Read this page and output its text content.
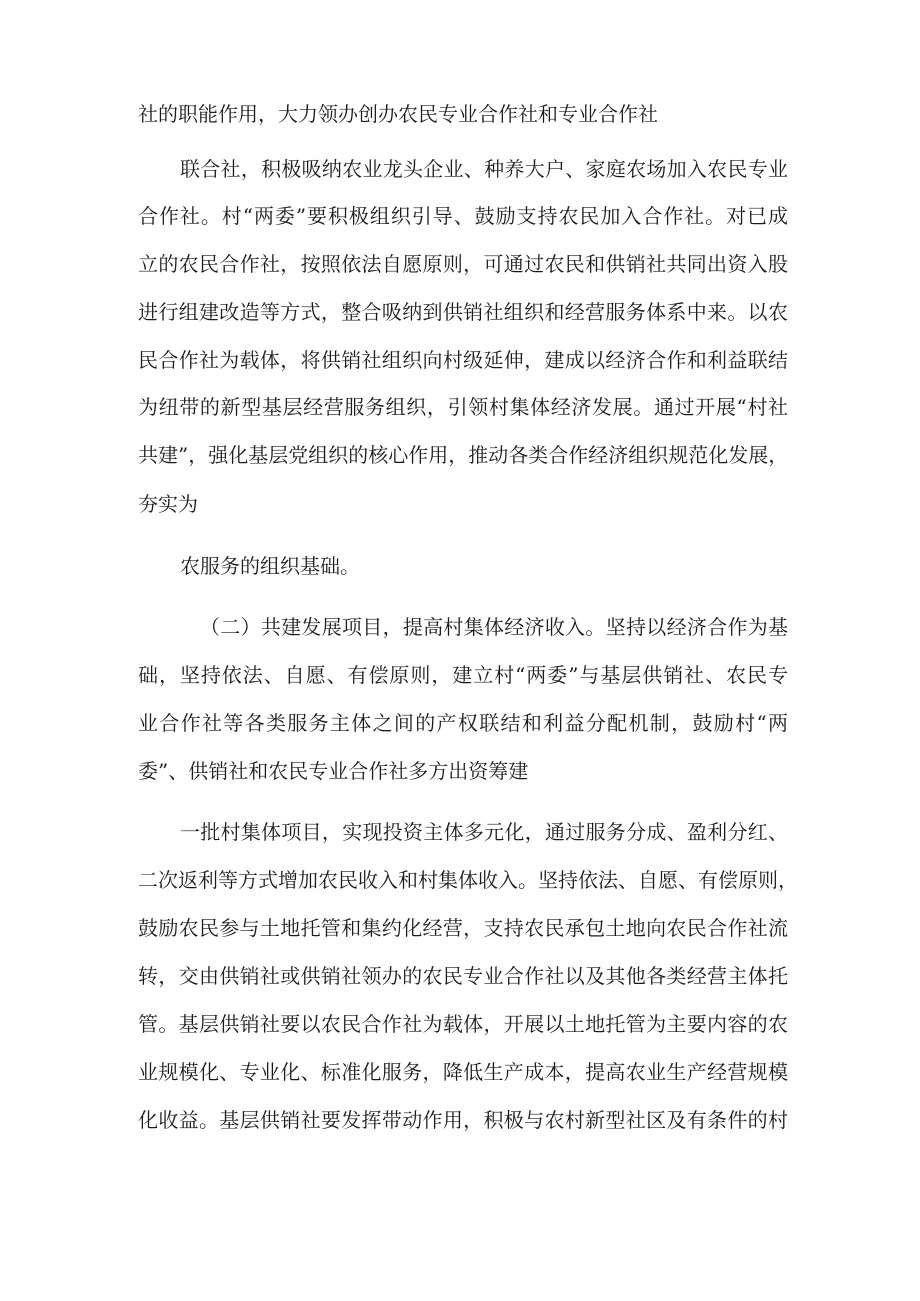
社的职能作用，大力领办创办农民专业合作社和专业合作社
联合社，积极吸纳农业龙头企业、种养大户、家庭农场加入农民专业
合作社。村“两委”要积极组织引导、鼓励支持农民加入合作社。对已成
立的农民合作社，按照依法自愿原则，可通过农民和供销社共同出资入股
进行组建改造等方式，整合吸纳到供销社组织和经营服务体系中来。以农
民合作社为载体，将供销社组织向村级延伸，建成以经济合作和利益联结
为纽带的新型基层经营服务组织，引领村集体经济发展。通过开展“村社
共建”，强化基层党组织的核心作用，推动各类合作经济组织规范化发展，
夯实为
农服务的组织基础。
（二）共建发展项目，提高村集体经济收入。坚持以经济合作为基
础，坚持依法、自愿、有偿原则，建立村“两委”与基层供销社、农民专
业合作社等各类服务主体之间的产权联结和利益分配机制，鼓励村“两
委”、供销社和农民专业合作社多方出资筹建
一批村集体项目，实现投资主体多元化，通过服务分成、盈利分红、
二次返利等方式增加农民收入和村集体收入。坚持依法、自愿、有偿原则，
鼓励农民参与土地托管和集约化经营，支持农民承包土地向农民合作社流
转，交由供销社或供销社领办的农民专业合作社以及其他各类经营主体托
管。基层供销社要以农民合作社为载体，开展以土地托管为主要内容的农
业规模化、专业化、标准化服务，降低生产成本，提高农业生产经营规模
化收益。基层供销社要发挥带动作用，积极与农村新型社区及有条件的村
